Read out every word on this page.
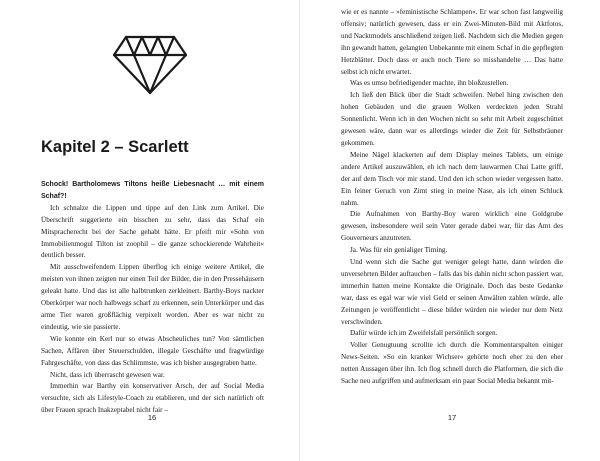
Kapitel 2 – Scarlett

Schock! Bartholomews Tiltons heiße Liebesnacht … mit einem Schaf?!

Ich schnalze die Lippen und tippe auf den Link zum Artikel. Die Überschrift suggerierte ein bisschen zu sehr, dass das Schaf ein Mitspracherecht bei der Sache gehabt hätte. Er pfeift mir »Sohn von Immobilienmogul Tilton ist zoophil – die ganze schockierende Wahrheit« deutlich besser.

Mit ausschweifendem Lippen überflog ich einige weitere Artikel, die meisten von ihnen zeigten nur einen Teil der Bilder, die in den Pressehäusern geleakt hatte. Und das ist alle halbtrunken zerkleinert. Barthy-Boys nackter Oberkörper war noch halbwegs scharf zu erkennen, sein Unterkörper und das arme Tier waren großflächig verpixelt worden. Aber es war nicht zu eindeutig, wie sie passierte.

Wie konnte ein Kerl nur so etwas Abscheuliches tun? Von sämtlichen Sachen, Affären über Steuerschulden, illegale Geschäfte und fragwürdige Fahrgeschäfte, von dass das Schlimmste, was ich bisher ausgegraben hatte.

Nicht, dass ich überrascht gewesen war.

Immerhin war Barthy ein konservativer Arsch, der auf Social Media versuchte, sich als Lifestyle-Coach zu etablieren, und der sich natürlich oft über Frauen sprach Inakzeptabel nicht fair –

16

wie er es nannte – »feministische Schlampen«. Er war schon fast langweilig offensiv; natürlich gewesen, dass er ein Zwei-Minuten-Bild mit Aktfotos, und Nacktmodels anschließend zeigen ließ. Nachdem sich die Medien gegen ihn gewandt hatten, gelangten Unbekannte mit einem Schaf in die gepflegten Hetzblätter. Doch dass er auch noch Tiere so misshandelte … Das hatte selbst ich nicht erwartet.

Was es umso befriedigender machte, ihn bloßzustellen.

Ich ließ den Blick über die Stadt schweifen. Nebel hing zwischen den hohen Gebäuden und die grauen Wolken verdeckten jeden Strahl Sonnenlicht. Wenn ich in den Wochen nicht so sehr mit Arbeit zugeschüttet gewesen wäre, dann war es allerdings wieder die Zeit für Selbstbräuner gekommen.

Meine Nägel klackerten auf dem Display meines Tablets, um einige andere Artikel auszuwählen, eh ich nach dem lauwarmen Chai Latte griff, der auf dem Tisch vor mir stand. Und den ich schon wieder vergessen hatte. Ein feiner Geruch von Zimt stieg in meine Nase, als ich einen Schluck nahm.

Die Aufnahmen von Barthy-Boy waren wirklich eine Goldgrube gewesen, insbesondere weil sein Vater gerade dabei war, für das Amt des Gouverneurs anzutreten.

Ja. Was für ein genialiger Timing.

Und wenn sich die Sache gut weniger gelegt hatte, dann würden die unversehrten Bilder auftauchen – falls das bis dahin nicht schon passiert war, immerhin hatten meine Kontakte die Originale. Doch das beste Gedanke war, dass es egal war wie viel Geld er seinen Anwälten zahlen würde, alle Zeitungen je veröffentlicht – diese bilder würden nie wieder nur dem Netz verschwinden.

Dafür würde ich im Zweifelsfall persönlich sorgen.

Voller Genugtuung scrollte ich durch die Kommentarspalten einiger News-Seiten. »So ein kranker Wichser« gehörte noch eher zu den eher netten Aussagen über ihn. Ich flog schnell durch die Platformen, die sich die Sache neu aufgriffen und aufmerksam ein paar Social Media bekannt mit-

17
